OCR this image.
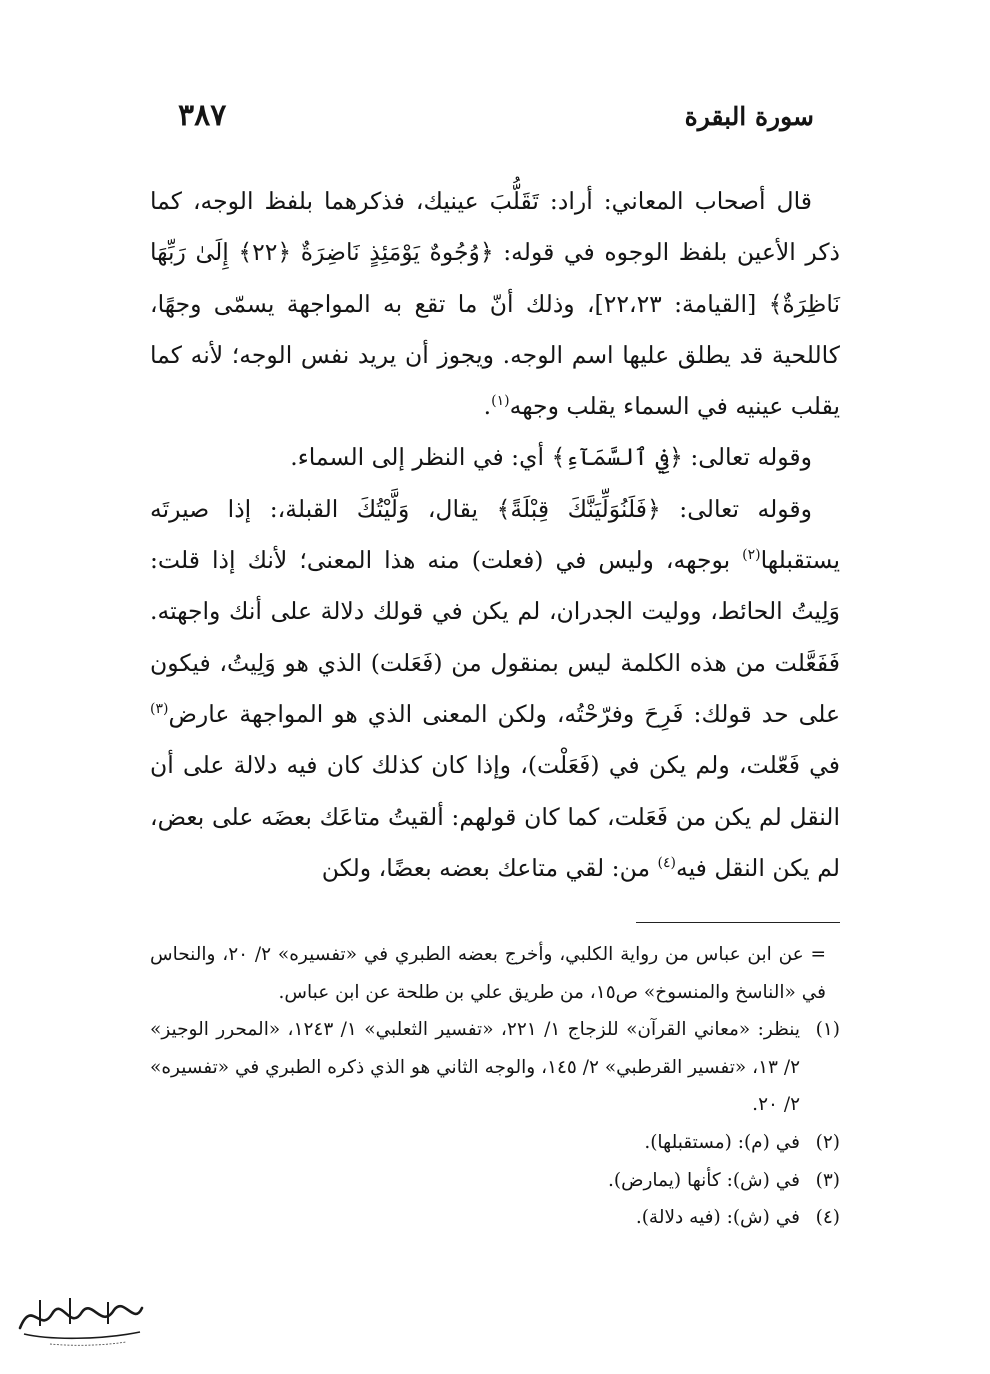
سورة البقرة
٣٨٧

قال أصحاب المعاني: أراد: تَقَلُّبَ عينيك، فذكرهما بلفظ الوجه، كما ذكر الأعين بلفظ الوجوه في قوله: ﴿وُجُوهٌ يَوْمَئِذٍ نَاضِرَةٌ ﴿٢٢﴾ إِلَىٰ رَبِّهَا نَاظِرَةٌ﴾ [القيامة: ٢٢،٢٣]، وذلك أنّ ما تقع به المواجهة يسمّى وجهًا، كاللحية قد يطلق عليها اسم الوجه. ويجوز أن يريد نفس الوجه؛ لأنه كما يقلب عينيه في السماء يقلب وجهه$^{(١)}$.

وقوله تعالى: ﴿فِي ٱلسَّمَآءِ﴾ أي: في النظر إلى السماء.

وقوله تعالى: ﴿فَلَنُوَلِّيَنَّكَ قِبْلَةً﴾ يقال، وَلَّيْتُكَ القبلة،: إذا صيرتَه يستقبلها$^{(٢)}$ بوجهه، وليس في (فعلت) منه هذا المعنى؛ لأنك إذا قلت: وَلِيتُ الحائط، ووليت الجدران، لم يكن في قولك دلالة على أنك واجهته. فَفَعَّلت من هذه الكلمة ليس بمنقول من (فَعَلت) الذي هو وَلِيتُ، فيكون على حد قولك: فَرِحَ وفرّحْتُه، ولكن المعنى الذي هو المواجهة عارض$^{(٣)}$ في فَعّلت، ولم يكن في (فَعَلْت)، وإذا كان كذلك كان فيه دلالة على أن النقل لم يكن من فَعَلت، كما كان قولهم: ألقيتُ متاعَك بعضَه على بعض، لم يكن النقل فيه$^{(٤)}$ من: لقي متاعك بعضه بعضًا، ولكن

= عن ابن عباس من رواية الكلبي، وأخرج بعضه الطبري في «تفسيره» ٢/ ٢٠، والنحاس في «الناسخ والمنسوخ» ص١٥، من طريق علي بن طلحة عن ابن عباس.
(١)
ينظر: «معاني القرآن» للزجاج ١/ ٢٢١، «تفسير الثعلبي» ١/ ١٢٤٣، «المحرر الوجيز» ٢/ ١٣، «تفسير القرطبي» ٢/ ١٤٥، والوجه الثاني هو الذي ذكره الطبري في «تفسيره» ٢/ ٢٠.
(٢)
في (م): (مستقبلها).
(٣)
في (ش): كأنها (يمارض).
(٤)
في (ش): (فيه دلالة).
